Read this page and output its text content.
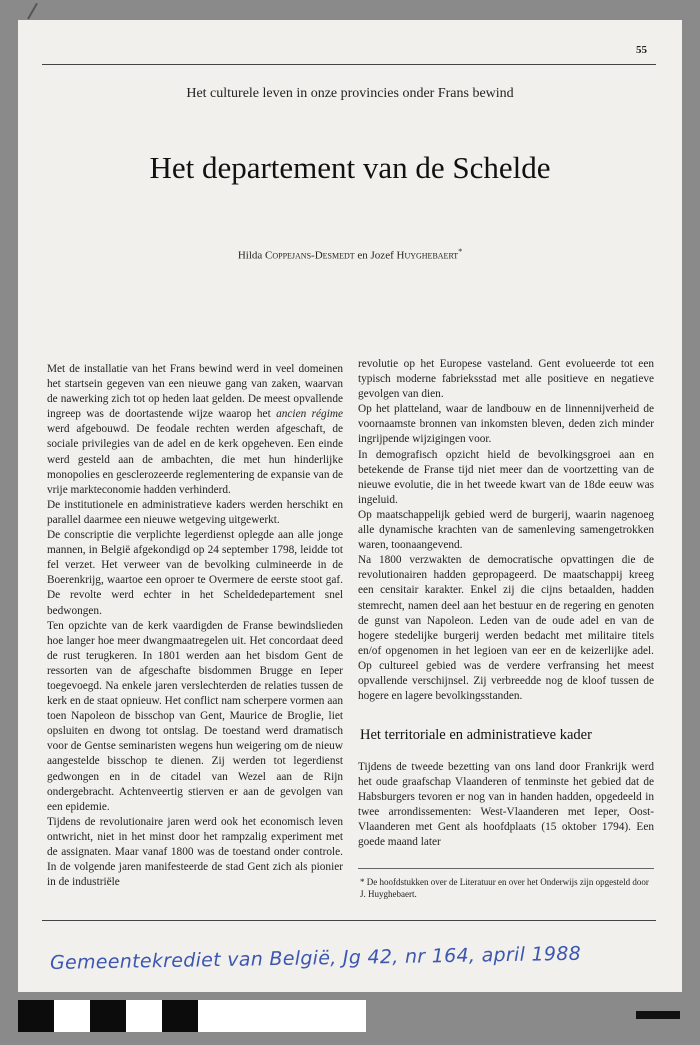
55
Het culturele leven in onze provincies onder Frans bewind
Het departement van de Schelde
Hilda Coppejans-Desmedt en Jozef Huyghebaert*

Met de installatie van het Frans bewind werd in veel domeinen het startsein gegeven van een nieuwe gang van zaken, waarvan de nawerking zich tot op heden laat gelden. De meest opvallende ingreep was de doortastende wijze waarop het ancien régime werd afgebouwd. De feodale rechten werden afgeschaft, de sociale privilegies van de adel en de kerk opgeheven. Een einde werd gesteld aan de ambachten, die met hun hinderlijke monopolies en gesclerozeerde reglementering de expansie van de vrije markteconomie hadden verhinderd.

De institutionele en administratieve kaders werden herschikt en parallel daarmee een nieuwe wetgeving uitgewerkt.

De conscriptie die verplichte legerdienst oplegde aan alle jonge mannen, in België afgekondigd op 24 september 1798, leidde tot fel verzet. Het verweer van de bevolking culmineerde in de Boerenkrijg, waartoe een oproer te Overmere de eerste stoot gaf. De revolte werd echter in het Scheldedepartement snel bedwongen.

Ten opzichte van de kerk vaardigden de Franse bewindslieden hoe langer hoe meer dwangmaatregelen uit. Het concordaat deed de rust terugkeren. In 1801 werden aan het bisdom Gent de ressorten van de afgeschafte bisdommen Brugge en Ieper toegevoegd. Na enkele jaren verslechterden de relaties tussen de kerk en de staat opnieuw. Het conflict nam scherpere vormen aan toen Napoleon de bisschop van Gent, Maurice de Broglie, liet opsluiten en dwong tot ontslag. De toestand werd dramatisch voor de Gentse seminaristen wegens hun weigering om de nieuw aangestelde bisschop te dienen. Zij werden tot legerdienst gedwongen en in de citadel van Wezel aan de Rijn ondergebracht. Achtenveertig stierven er aan de gevolgen van een epidemie.

Tijdens de revolutionaire jaren werd ook het economisch leven ontwricht, niet in het minst door het rampzalig experiment met de assignaten. Maar vanaf 1800 was de toestand onder controle. In de volgende jaren manifesteerde de stad Gent zich als pionier in de industriële

revolutie op het Europese vasteland. Gent evolueerde tot een typisch moderne fabrieksstad met alle positieve en negatieve gevolgen van dien.

Op het platteland, waar de landbouw en de linnennijverheid de voornaamste bronnen van inkomsten bleven, deden zich minder ingrijpende wijzigingen voor.

In demografisch opzicht hield de bevolkingsgroei aan en betekende de Franse tijd niet meer dan de voortzetting van de nieuwe evolutie, die in het tweede kwart van de 18de eeuw was ingeluid.

Op maatschappelijk gebied werd de burgerij, waarin nagenoeg alle dynamische krachten van de samenleving samengetrokken waren, toonaangevend.

Na 1800 verzwakten de democratische opvattingen die de revolutionairen hadden gepropageerd. De maatschappij kreeg een censitair karakter. Enkel zij die cijns betaalden, hadden stemrecht, namen deel aan het bestuur en de regering en genoten de gunst van Napoleon. Leden van de oude adel en van de hogere stedelijke burgerij werden bedacht met militaire titels en/of opgenomen in het legioen van eer en de keizerlijke adel. Op cultureel gebied was de verdere verfransing het meest opvallende verschijnsel. Zij verbreedde nog de kloof tussen de hogere en lagere bevolkingsstanden.

Het territoriale en administratieve kader

Tijdens de tweede bezetting van ons land door Frankrijk werd het oude graafschap Vlaanderen of tenminste het gebied dat de Habsburgers tevoren er nog van in handen hadden, opgedeeld in twee arrondissementen: West-Vlaanderen met Ieper, Oost-Vlaanderen met Gent als hoofdplaats (15 oktober 1794). Een goede maand later

* De hoofdstukken over de Literatuur en over het Onderwijs zijn opgesteld door J. Huyghebaert.
Gemeentekrediet van België, Jg 42, nr 164, april 1988
